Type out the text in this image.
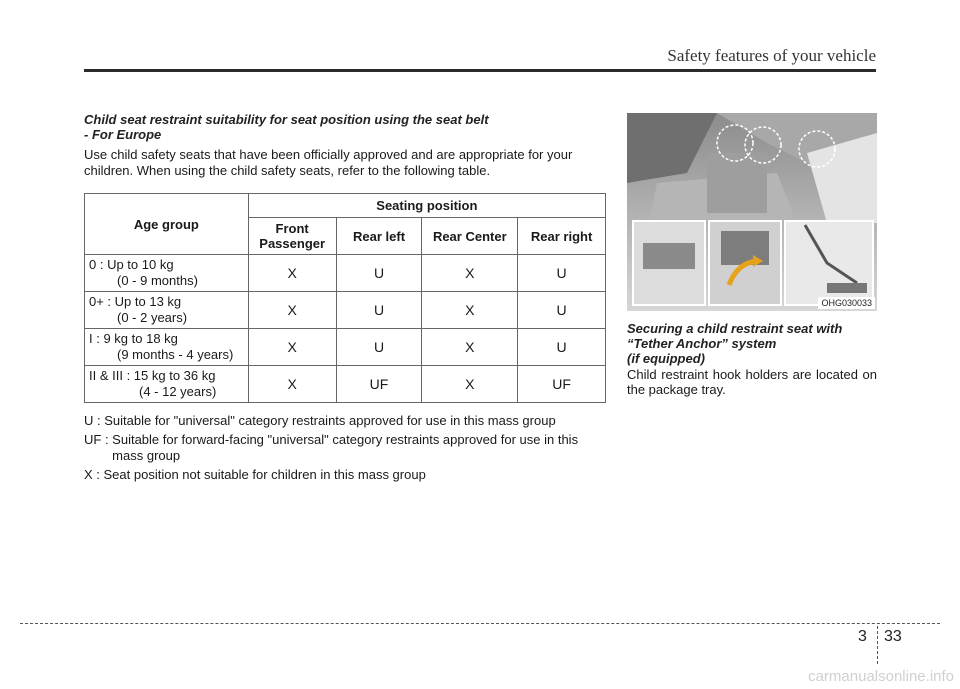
Safety features of your vehicle

Child seat restraint suitability for seat position using the seat belt
- For Europe

Use child safety seats that have been officially approved and are appropriate for your children. When using the child safety seats, refer to the following table.

Age group	Seating position			
	Front Passenger	Rear left	Rear Center	Rear right
0 : Up to 10 kg
(0 - 9 months)	X	U	X	U
0+ : Up to 13 kg
(0 - 2 years)	X	U	X	U
I : 9 kg to 18 kg
(9 months - 4 years)	X	U	X	U
II & III : 15 kg to 36 kg
(4 - 12 years)	X	UF	X	UF
U : Suitable for "universal" category restraints approved for use in this mass group
UF : Suitable for forward-facing "universal" category restraints approved for use in this mass group
X : Seat position not suitable for children in this mass group
OHG030033

Securing a child restraint seat with
“Tether Anchor” system
(if equipped)

Child restraint hook holders are located on the package tray.

3 33
carmanualsonline.info
